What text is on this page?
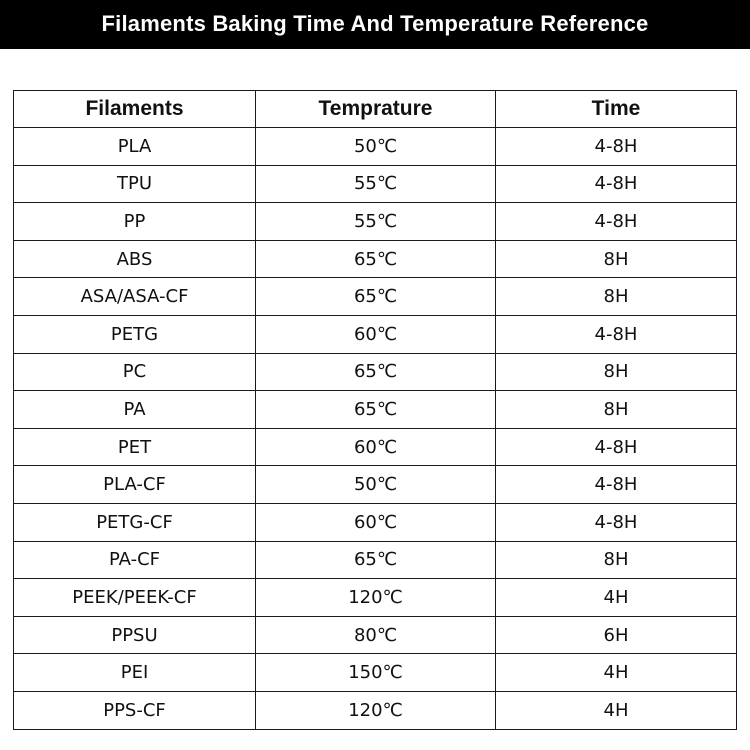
Filaments Baking Time And Temperature Reference
Filaments	Temprature	Time
PLA	50℃	4-8H
TPU	55℃	4-8H
PP	55℃	4-8H
ABS	65℃	8H
ASA/ASA-CF	65℃	8H
PETG	60℃	4-8H
PC	65℃	8H
PA	65℃	8H
PET	60℃	4-8H
PLA-CF	50℃	4-8H
PETG-CF	60℃	4-8H
PA-CF	65℃	8H
PEEK/PEEK-CF	120℃	4H
PPSU	80℃	6H
PEI	150℃	4H
PPS-CF	120℃	4H
